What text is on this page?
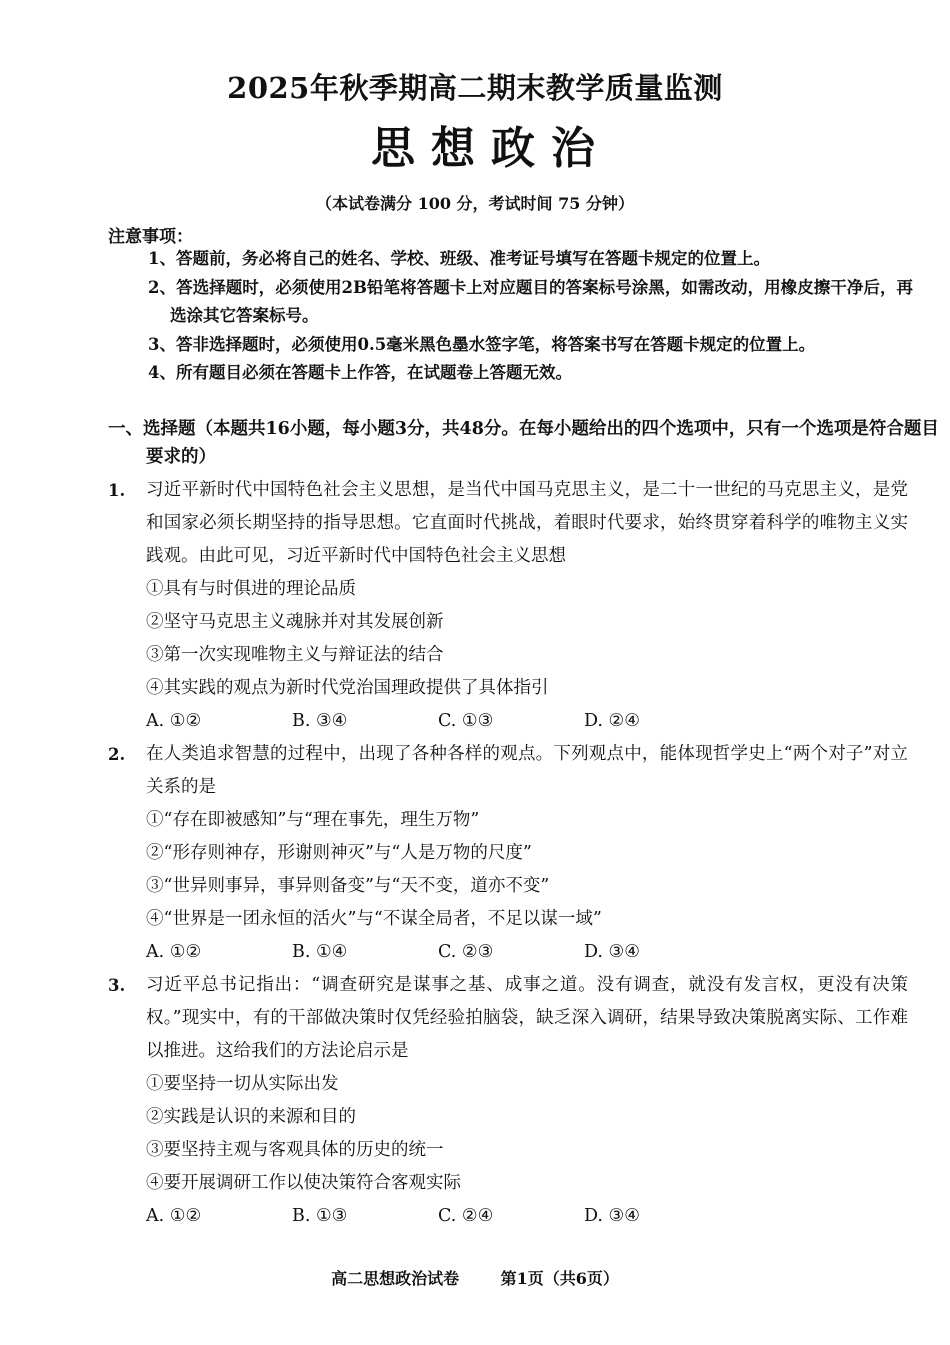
2025年秋季期高二期末教学质量监测
思想政治
（本试卷满分 100 分，考试时间 75 分钟）
注意事项：
1、答题前，务必将自己的姓名、学校、班级、准考证号填写在答题卡规定的位置上。
2、答选择题时，必须使用2B铅笔将答题卡上对应题目的答案标号涂黑，如需改动，用橡皮擦干净后，再选涂其它答案标号。
3、答非选择题时，必须使用0.5毫米黑色墨水签字笔，将答案书写在答题卡规定的位置上。
4、所有题目必须在答题卡上作答，在试题卷上答题无效。
一、选择题（本题共16小题，每小题3分，共48分。在每小题给出的四个选项中，只有一个选项是符合题目要求的）
1.	习近平新时代中国特色社会主义思想，是当代中国马克思主义，是二十一世纪的马克思主义，是党和国家必须长期坚持的指导思想。它直面时代挑战，着眼时代要求，始终贯穿着科学的唯物主义实践观。由此可见，习近平新时代中国特色社会主义思想
①具有与时俱进的理论品质
②坚守马克思主义魂脉并对其发展创新
③第一次实现唯物主义与辩证法的结合
④其实践的观点为新时代党治国理政提供了具体指引
A. ①②	B. ③④	C. ①③	D. ②④
2.	在人类追求智慧的过程中，出现了各种各样的观点。下列观点中，能体现哲学史上“两个对子”对立关系的是
①“存在即被感知”与“理在事先，理生万物”
②“形存则神存，形谢则神灭”与“人是万物的尺度”
③“世异则事异，事异则备变”与“天不变，道亦不变”
④“世界是一团永恒的活火”与“不谋全局者，不足以谋一域”
A. ①②	B. ①④	C. ②③	D. ③④
3.	习近平总书记指出：“调查研究是谋事之基、成事之道。没有调查，就没有发言权，更没有决策权。”现实中，有的干部做决策时仅凭经验拍脑袋，缺乏深入调研，结果导致决策脱离实际、工作难以推进。这给我们的方法论启示是
①要坚持一切从实际出发
②实践是认识的来源和目的
③要坚持主观与客观具体的历史的统一
④要开展调研工作以使决策符合客观实际
A. ①②	B. ①③	C. ②④	D. ③④
高二思想政治试卷	第1页（共6页）
